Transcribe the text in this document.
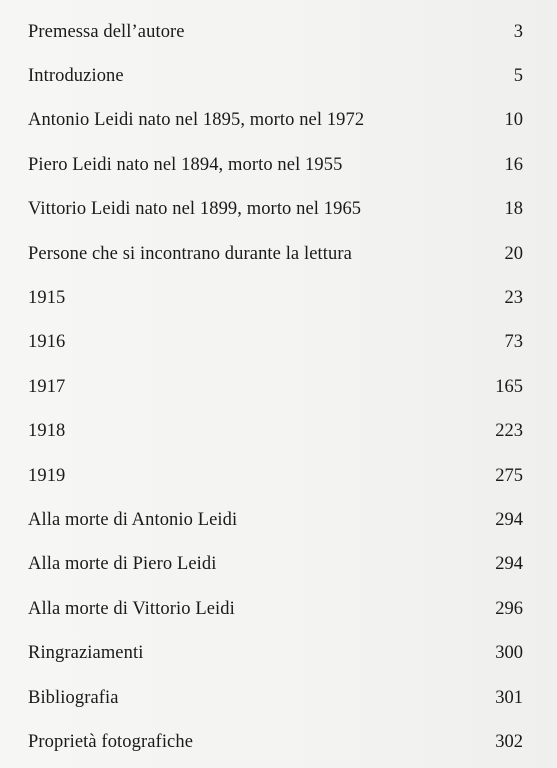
Premessa dell’autore	3
Introduzione	5
Antonio Leidi nato nel 1895, morto nel 1972	10
Piero Leidi nato nel 1894, morto nel 1955	16
Vittorio Leidi nato nel 1899, morto nel 1965	18
Persone che si incontrano durante la lettura	20
1915	23
1916	73
1917	165
1918	223
1919	275
Alla morte di Antonio Leidi	294
Alla morte di Piero Leidi	294
Alla morte di Vittorio Leidi	296
Ringraziamenti	300
Bibliografia	301
Proprietà fotografiche	302
